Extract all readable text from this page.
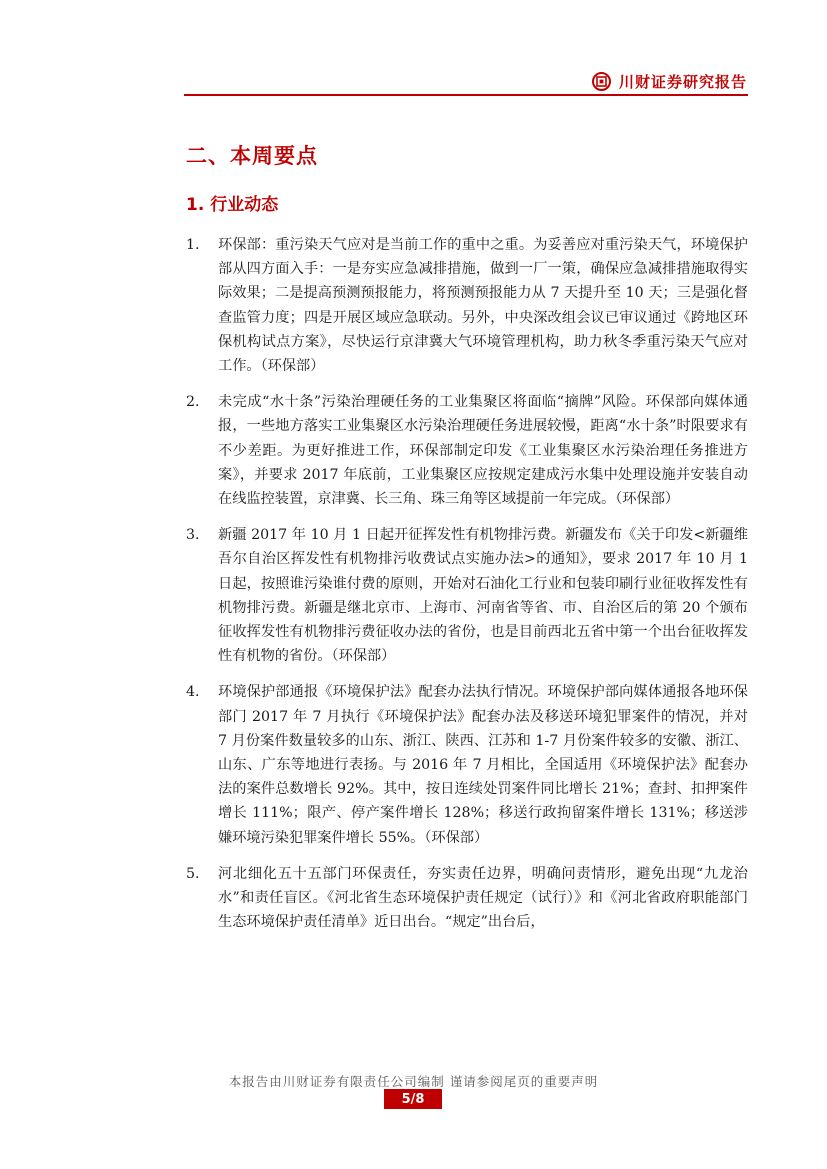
川财证券研究报告
二、本周要点
1. 行业动态
1.	环保部：重污染天气应对是当前工作的重中之重。为妥善应对重污染天气，环境保护部从四方面入手：一是夯实应急减排措施，做到一厂一策，确保应急减排措施取得实际效果；二是提高预测预报能力，将预测预报能力从 7 天提升至 10 天；三是强化督查监管力度；四是开展区域应急联动。另外，中央深改组会议已审议通过《跨地区环保机构试点方案》，尽快运行京津冀大气环境管理机构，助力秋冬季重污染天气应对工作。（环保部）
2.	未完成“水十条”污染治理硬任务的工业集聚区将面临“摘牌”风险。环保部向媒体通报，一些地方落实工业集聚区水污染治理硬任务进展较慢，距离“水十条”时限要求有不少差距。为更好推进工作，环保部制定印发《工业集聚区水污染治理任务推进方案》，并要求 2017 年底前，工业集聚区应按规定建成污水集中处理设施并安装自动在线监控装置，京津冀、长三角、珠三角等区域提前一年完成。（环保部）
3.	新疆 2017 年 10 月 1 日起开征挥发性有机物排污费。新疆发布《关于印发<新疆维吾尔自治区挥发性有机物排污收费试点实施办法>的通知》，要求 2017 年 10 月 1 日起，按照谁污染谁付费的原则，开始对石油化工行业和包装印刷行业征收挥发性有机物排污费。新疆是继北京市、上海市、河南省等省、市、自治区后的第 20 个颁布征收挥发性有机物排污费征收办法的省份，也是目前西北五省中第一个出台征收挥发性有机物的省份。（环保部）
4.	环境保护部通报《环境保护法》配套办法执行情况。环境保护部向媒体通报各地环保部门 2017 年 7 月执行《环境保护法》配套办法及移送环境犯罪案件的情况，并对 7 月份案件数量较多的山东、浙江、陕西、江苏和 1-7 月份案件较多的安徽、浙江、山东、广东等地进行表扬。与 2016 年 7 月相比，全国适用《环境保护法》配套办法的案件总数增长 92%。其中，按日连续处罚案件同比增长 21%；查封、扣押案件增长 111%；限产、停产案件增长 128%；移送行政拘留案件增长 131%；移送涉嫌环境污染犯罪案件增长 55%。（环保部）
5.	河北细化五十五部门环保责任，夯实责任边界，明确问责情形，避免出现“九龙治水”和责任盲区。《河北省生态环境保护责任规定（试行）》和《河北省政府职能部门生态环境保护责任清单》近日出台。“规定”出台后，
本报告由川财证券有限责任公司编制 谨请参阅尾页的重要声明
5/8
